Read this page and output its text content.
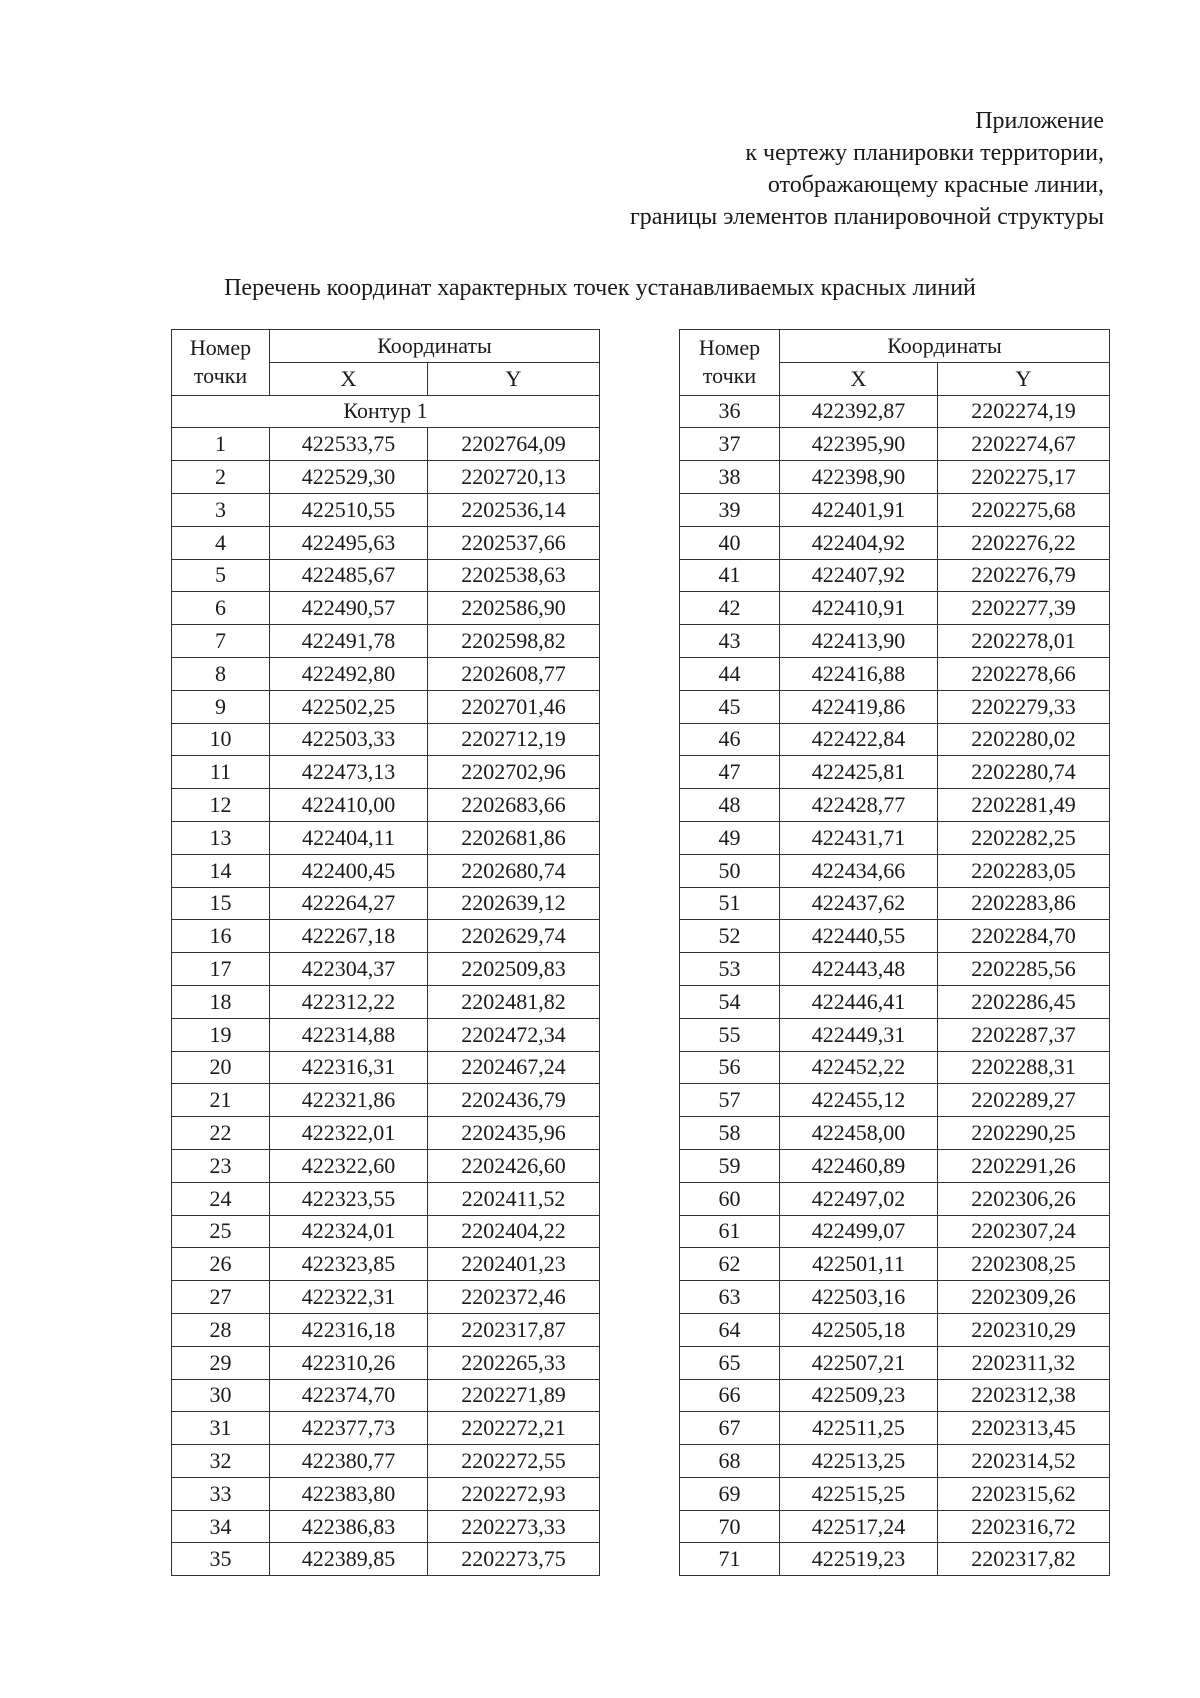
Приложение
к чертежу планировки территории,
отображающему красные линии,
границы элементов планировочной структуры
Перечень координат характерных точек устанавливаемых красных линий
Номер
точки	Координаты	
	X	Y
Контур 1		
1	422533,75	2202764,09
2	422529,30	2202720,13
3	422510,55	2202536,14
4	422495,63	2202537,66
5	422485,67	2202538,63
6	422490,57	2202586,90
7	422491,78	2202598,82
8	422492,80	2202608,77
9	422502,25	2202701,46
10	422503,33	2202712,19
11	422473,13	2202702,96
12	422410,00	2202683,66
13	422404,11	2202681,86
14	422400,45	2202680,74
15	422264,27	2202639,12
16	422267,18	2202629,74
17	422304,37	2202509,83
18	422312,22	2202481,82
19	422314,88	2202472,34
20	422316,31	2202467,24
21	422321,86	2202436,79
22	422322,01	2202435,96
23	422322,60	2202426,60
24	422323,55	2202411,52
25	422324,01	2202404,22
26	422323,85	2202401,23
27	422322,31	2202372,46
28	422316,18	2202317,87
29	422310,26	2202265,33
30	422374,70	2202271,89
31	422377,73	2202272,21
32	422380,77	2202272,55
33	422383,80	2202272,93
34	422386,83	2202273,33
35	422389,85	2202273,75
Номер
точки	Координаты	
	X	Y
36	422392,87	2202274,19
37	422395,90	2202274,67
38	422398,90	2202275,17
39	422401,91	2202275,68
40	422404,92	2202276,22
41	422407,92	2202276,79
42	422410,91	2202277,39
43	422413,90	2202278,01
44	422416,88	2202278,66
45	422419,86	2202279,33
46	422422,84	2202280,02
47	422425,81	2202280,74
48	422428,77	2202281,49
49	422431,71	2202282,25
50	422434,66	2202283,05
51	422437,62	2202283,86
52	422440,55	2202284,70
53	422443,48	2202285,56
54	422446,41	2202286,45
55	422449,31	2202287,37
56	422452,22	2202288,31
57	422455,12	2202289,27
58	422458,00	2202290,25
59	422460,89	2202291,26
60	422497,02	2202306,26
61	422499,07	2202307,24
62	422501,11	2202308,25
63	422503,16	2202309,26
64	422505,18	2202310,29
65	422507,21	2202311,32
66	422509,23	2202312,38
67	422511,25	2202313,45
68	422513,25	2202314,52
69	422515,25	2202315,62
70	422517,24	2202316,72
71	422519,23	2202317,82
